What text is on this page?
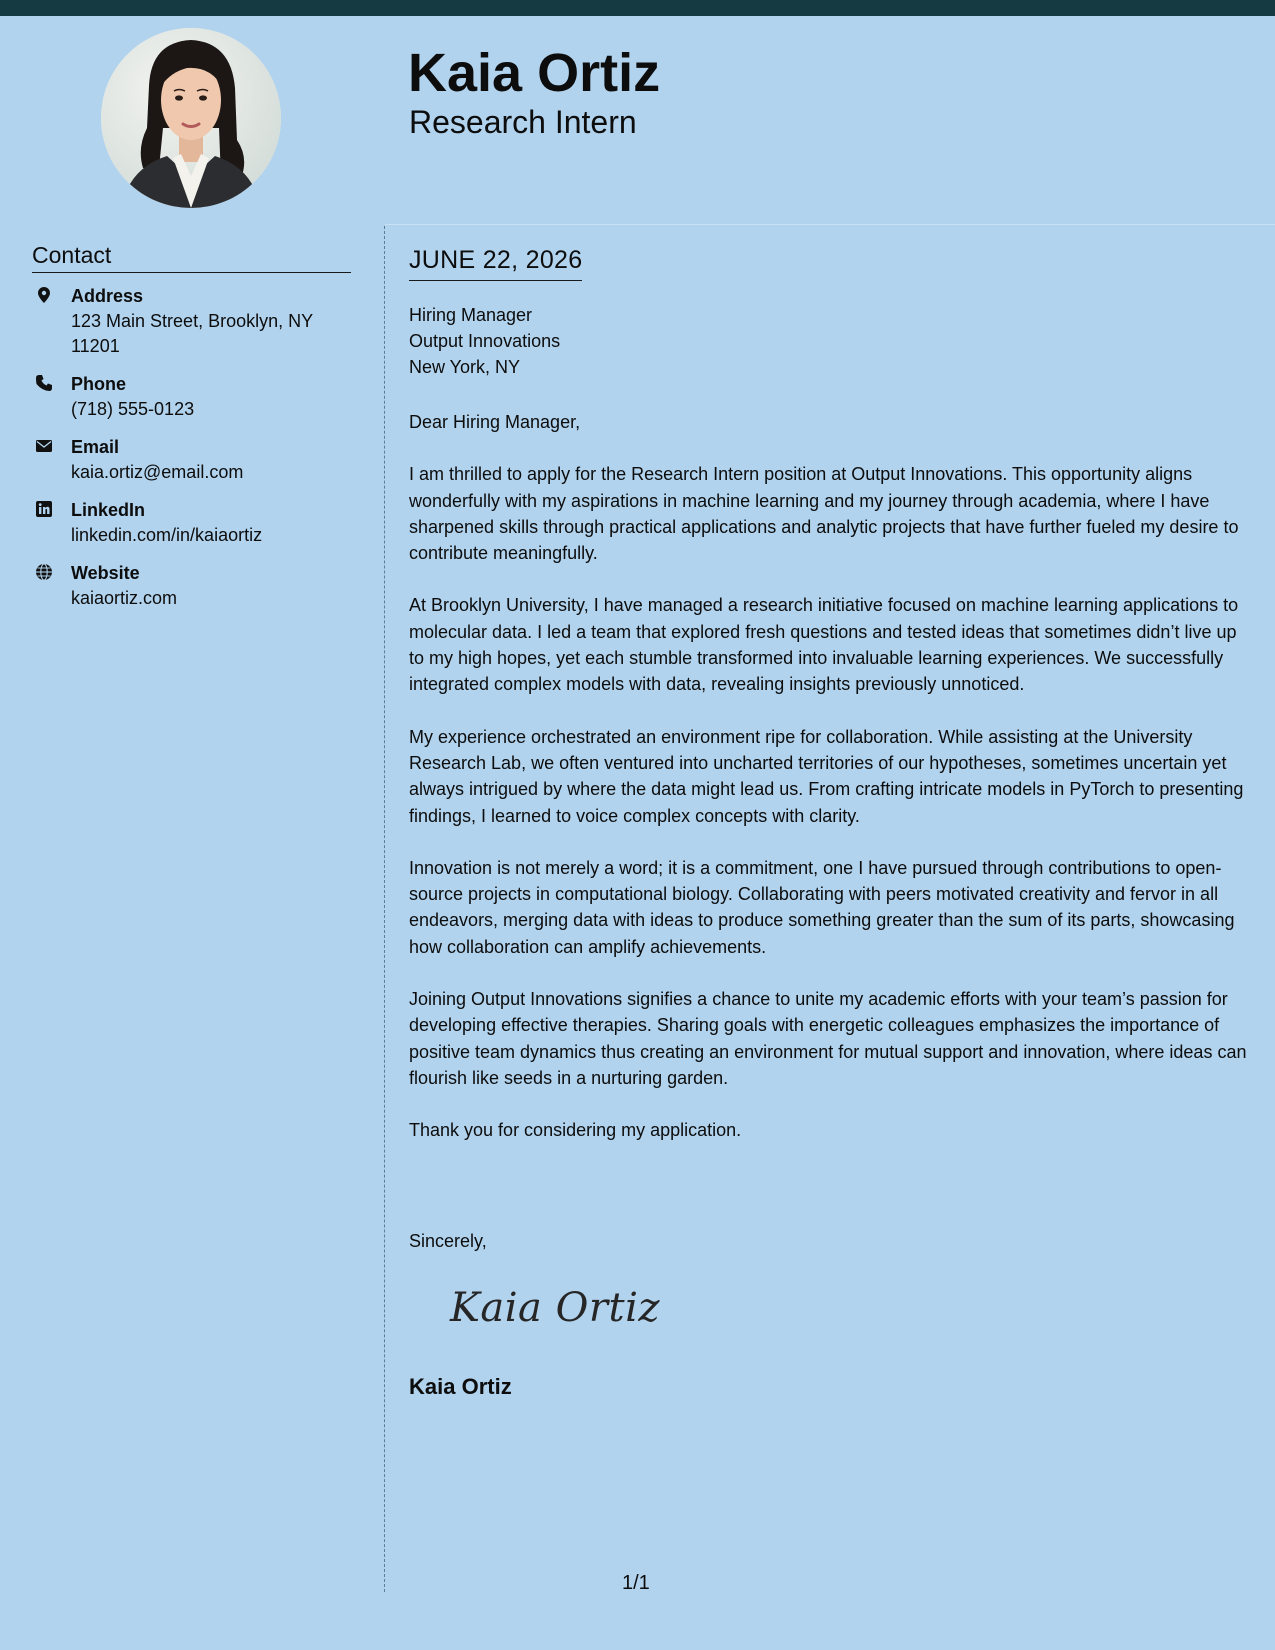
Kaia Ortiz
Research Intern
Contact
Address
123 Main Street, Brooklyn, NY 11201
Phone
(718) 555-0123
Email
kaia.ortiz@email.com
LinkedIn
linkedin.com/in/kaiaortiz
Website
kaiaortiz.com
JUNE 22, 2026
Hiring Manager
Output Innovations
New York, NY

Dear Hiring Manager,

I am thrilled to apply for the Research Intern position at Output Innovations. This opportunity aligns wonderfully with my aspirations in machine learning and my journey through academia, where I have sharpened skills through practical applications and analytic projects that have further fueled my desire to contribute meaningfully.

At Brooklyn University, I have managed a research initiative focused on machine learning applications to molecular data. I led a team that explored fresh questions and tested ideas that sometimes didn’t live up to my high hopes, yet each stumble transformed into invaluable learning experiences. We successfully integrated complex models with data, revealing insights previously unnoticed.

My experience orchestrated an environment ripe for collaboration. While assisting at the University Research Lab, we often ventured into uncharted territories of our hypotheses, sometimes uncertain yet always intrigued by where the data might lead us. From crafting intricate models in PyTorch to presenting findings, I learned to voice complex concepts with clarity.

Innovation is not merely a word; it is a commitment, one I have pursued through contributions to open-source projects in computational biology. Collaborating with peers motivated creativity and fervor in all endeavors, merging data with ideas to produce something greater than the sum of its parts, showcasing how collaboration can amplify achievements.

Joining Output Innovations signifies a chance to unite my academic efforts with your team’s passion for developing effective therapies. Sharing goals with energetic colleagues emphasizes the importance of positive team dynamics thus creating an environment for mutual support and innovation, where ideas can flourish like seeds in a nurturing garden.

Thank you for considering my application.

Sincerely,
Kaia Ortiz
Kaia Ortiz
1/1
